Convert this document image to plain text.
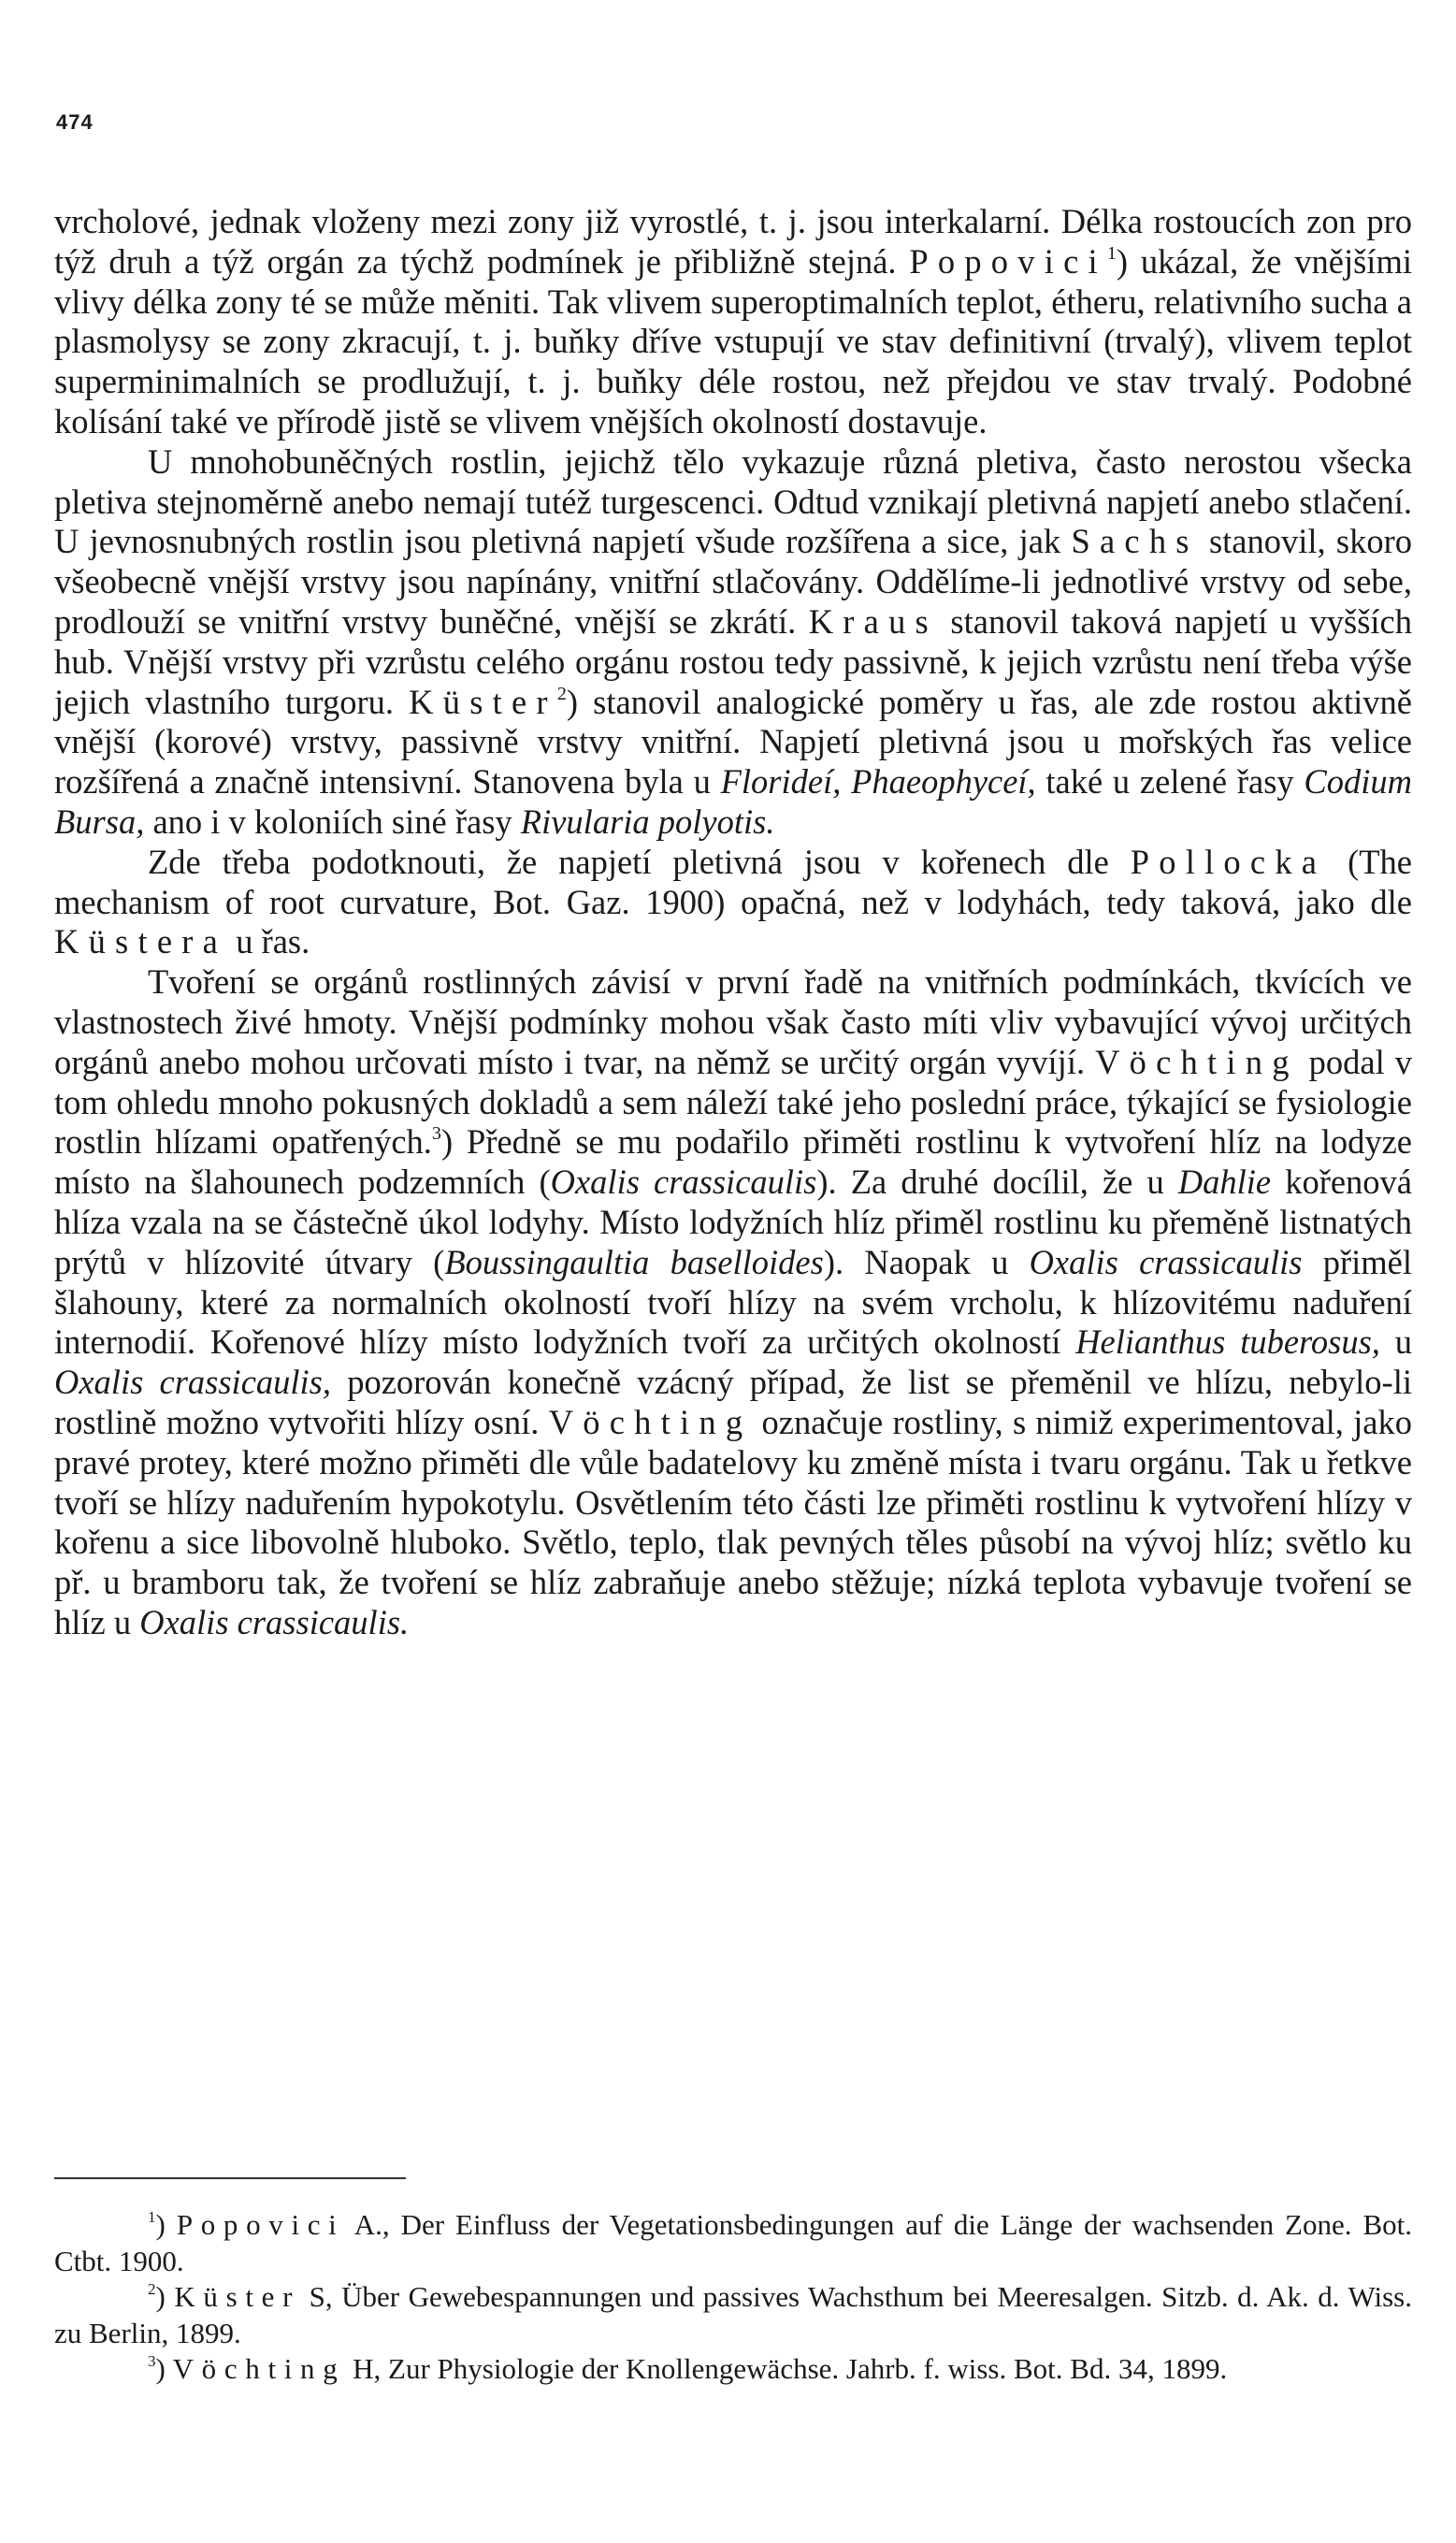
474

vrcholové, jednak vloženy mezi zony již vyrostlé, t. j. jsou interkalarní. Délka rostoucích zon pro týž druh a týž orgán za týchž podmínek je přibližně stejná. Popovici$^1$) ukázal, že vnějšími vlivy délka zony té se může měniti. Tak vlivem superoptimalních teplot, étheru, relativního sucha a plasmolysy se zony zkracují, t. j. buňky dříve vstupují ve stav definitivní (trvalý), vlivem teplot superminimalních se prodlužují, t. j. buňky déle rostou, než přejdou ve stav trvalý. Podobné kolísání také ve přírodě jistě se vlivem vnějších okolností dostavuje.

U mnohobuněčných rostlin, jejichž tělo vykazuje různá pletiva, často nerostou všecka pletiva stejnoměrně anebo nemají tutéž turgescenci. Odtud vznikají pletivná napjetí anebo stlačení. U jevnosnubných rostlin jsou pletivná napjetí všude rozšířena a sice, jak Sachs stanovil, skoro všeobecně vnější vrstvy jsou napínány, vnitřní stlačovány. Oddělíme-li jednotlivé vrstvy od sebe, prodlouží se vnitřní vrstvy buněčné, vnější se zkrátí. Kraus stanovil taková napjetí u vyšších hub. Vnější vrstvy při vzrůstu celého orgánu rostou tedy passivně, k jejich vzrůstu není třeba výše jejich vlastního turgoru. Küster$^2$) stanovil analogické poměry u řas, ale zde rostou aktivně vnější (korové) vrstvy, passivně vrstvy vnitřní. Napjetí pletivná jsou u mořských řas velice rozšířená a značně intensivní. Stanovena byla u Florideí, Phaeophyceí, také u zelené řasy Codium Bursa, ano i v koloniích siné řasy Rivularia polyotis.

Zde třeba podotknouti, že napjetí pletivná jsou v kořenech dle Pollocka (The mechanism of root curvature, Bot. Gaz. 1900) opačná, než v lodyhách, tedy taková, jako dle Küstera u řas.

Tvoření se orgánů rostlinných závisí v první řadě na vnitřních podmínkách, tkvících ve vlastnostech živé hmoty. Vnější podmínky mohou však často míti vliv vybavující vývoj určitých orgánů anebo mohou určovati místo i tvar, na němž se určitý orgán vyvíjí. Vöchting podal v tom ohledu mnoho pokusných dokladů a sem náleží také jeho poslední práce, týkající se fysiologie rostlin hlízami opatřených.$^3$) Předně se mu podařilo přiměti rostlinu k vytvoření hlíz na lodyze místo na šlahounech podzemních (Oxalis crassicaulis). Za druhé docílil, že u Dahlie kořenová hlíza vzala na se částečně úkol lodyhy. Místo lodyžních hlíz přiměl rostlinu ku přeměně listnatých prýtů v hlízovité útvary (Boussingaultia baselloides). Naopak u Oxalis crassicaulis přiměl šlahouny, které za normalních okolností tvoří hlízy na svém vrcholu, k hlízovitému naduření internodií. Kořenové hlízy místo lodyžních tvoří za určitých okolností Helianthus tuberosus, u Oxalis crassicaulis, pozorován konečně vzácný případ, že list se přeměnil ve hlízu, nebylo-li rostlině možno vytvořiti hlízy osní. Vöchting označuje rostliny, s nimiž experimentoval, jako pravé protey, které možno přiměti dle vůle badatelovy ku změně místa i tvaru orgánu. Tak u řetkve tvoří se hlízy naduřením hypokotylu. Osvětlením této části lze přiměti rostlinu k vytvoření hlízy v kořenu a sice libovolně hluboko. Světlo, teplo, tlak pevných těles působí na vývoj hlíz; světlo ku př. u bramboru tak, že tvoření se hlíz zabraňuje anebo stěžuje; nízká teplota vybavuje tvoření se hlíz u Oxalis crassicaulis.

$^1$) Popovici A., Der Einfluss der Vegetationsbedingungen auf die Länge der wachsenden Zone. Bot. Ctbt. 1900.

$^2$) Küster S, Über Gewebespannungen und passives Wachsthum bei Meeresalgen. Sitzb. d. Ak. d. Wiss. zu Berlin, 1899.

$^3$) Vöchting H, Zur Physiologie der Knollengewächse. Jahrb. f. wiss. Bot. Bd. 34, 1899.
